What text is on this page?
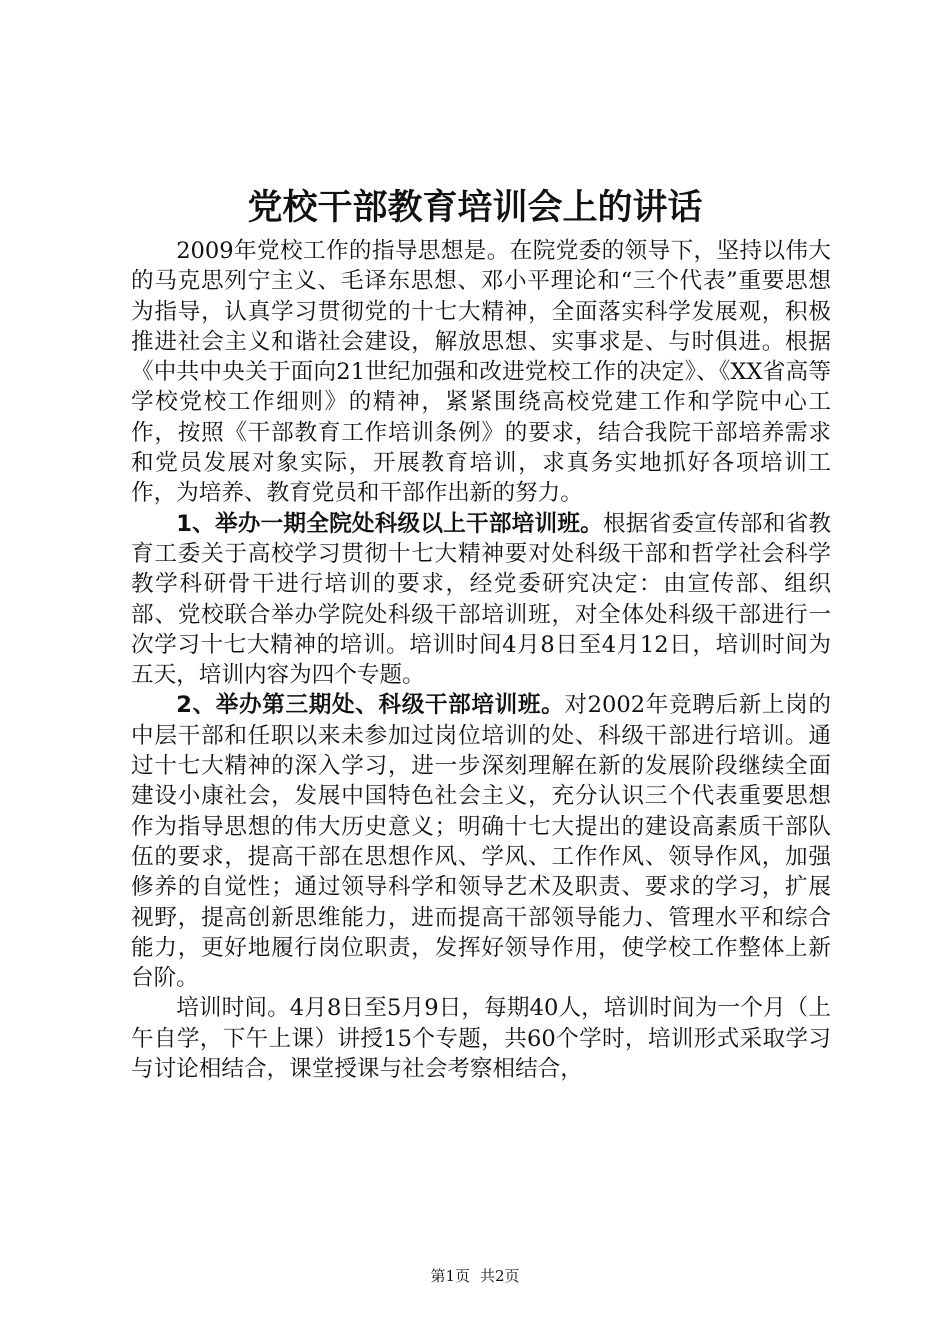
党校干部教育培训会上的讲话

2009年党校工作的指导思想是。在院党委的领导下，坚持以伟大的马克思列宁主义、毛译东思想、邓小平理论和“三个代表”重要思想为指导，认真学习贯彻党的十七大精神，全面落实科学发展观，积极推进社会主义和谐社会建设，解放思想、实事求是、与时俱进。根据《中共中央关于面向21世纪加强和改进党校工作的决定》、《XX省高等学校党校工作细则》的精神，紧紧围绕高校党建工作和学院中心工作，按照《干部教育工作培训条例》的要求，结合我院干部培养需求和党员发展对象实际，开展教育培训，求真务实地抓好各项培训工作，为培养、教育党员和干部作出新的努力。

1、举办一期全院处科级以上干部培训班。根据省委宣传部和省教育工委关于高校学习贯彻十七大精神要对处科级干部和哲学社会科学教学科研骨干进行培训的要求，经党委研究决定：由宣传部、组织部、党校联合举办学院处科级干部培训班，对全体处科级干部进行一次学习十七大精神的培训。培训时间4月8日至4月12日，培训时间为五天，培训内容为四个专题。

2、举办第三期处、科级干部培训班。对2002年竞聘后新上岗的中层干部和任职以来未参加过岗位培训的处、科级干部进行培训。通过十七大精神的深入学习，进一步深刻理解在新的发展阶段继续全面建设小康社会，发展中国特色社会主义，充分认识三个代表重要思想作为指导思想的伟大历史意义；明确十七大提出的建设高素质干部队伍的要求，提高干部在思想作风、学风、工作作风、领导作风，加强修养的自觉性；通过领导科学和领导艺术及职责、要求的学习，扩展视野，提高创新思维能力，进而提高干部领导能力、管理水平和综合能力，更好地履行岗位职责，发挥好领导作用，使学校工作整体上新台阶。

培训时间。4月8日至5月9日，每期40人，培训时间为一个月（上午自学，下午上课）讲授15个专题，共60个学时，培训形式采取学习与讨论相结合，课堂授课与社会考察相结合，

第1页 共2页
